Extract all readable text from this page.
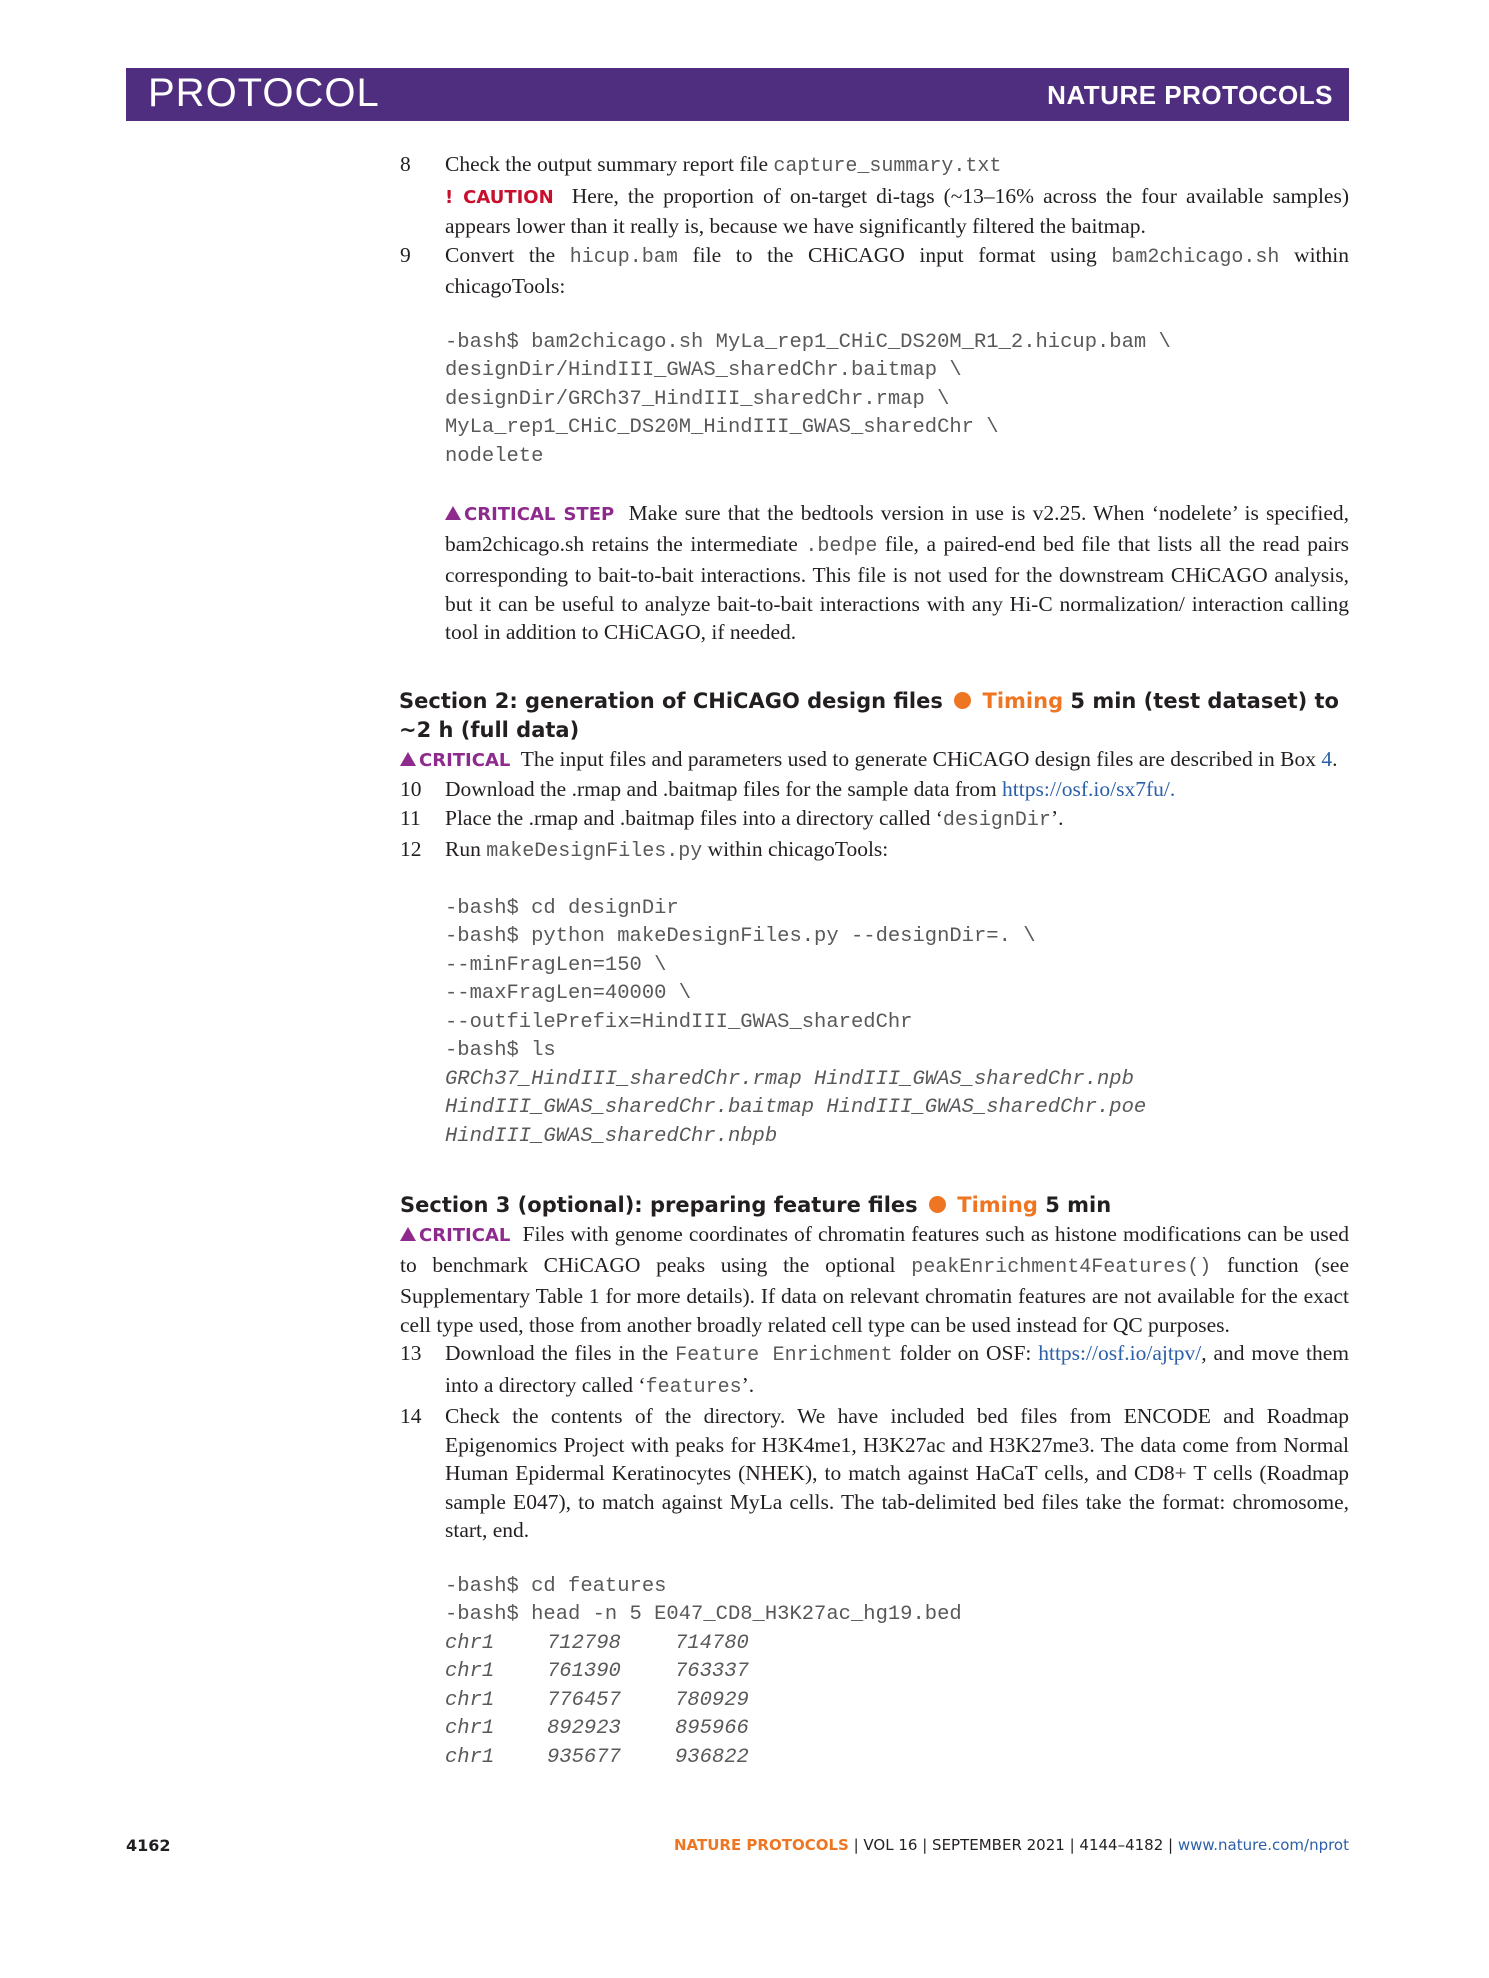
PROTOCOL	NATURE PROTOCOLS
8 Check the output summary report file capture_summary.txt
! CAUTION Here, the proportion of on-target di-tags (~13–16% across the four available samples) appears lower than it really is, because we have significantly filtered the baitmap.
9 Convert the hicup.bam file to the CHiCAGO input format using bam2chicago.sh within chicagoTools:
-bash$ bam2chicago.sh MyLa_rep1_CHiC_DS20M_R1_2.hicup.bam \
designDir/HindIII_GWAS_sharedChr.baitmap \
designDir/GRCh37_HindIII_sharedChr.rmap \
MyLa_rep1_CHiC_DS20M_HindIII_GWAS_sharedChr \
nodelete
CRITICAL STEP Make sure that the bedtools version in use is v2.25. When ‘nodelete’ is specified, bam2chicago.sh retains the intermediate .bedpe file, a paired-end bed file that lists all the read pairs corresponding to bait-to-bait interactions. This file is not used for the downstream CHiCAGO analysis, but it can be useful to analyze bait-to-bait interactions with any Hi-C normalization/ interaction calling tool in addition to CHiCAGO, if needed.
Section 2: generation of CHiCAGO design files Timing 5 min (test dataset) to ~2 h (full data)
CRITICAL The input files and parameters used to generate CHiCAGO design files are described in Box 4.
10 Download the .rmap and .baitmap files for the sample data from https://osf.io/sx7fu/.
11 Place the .rmap and .baitmap files into a directory called ‘designDir’.
12 Run makeDesignFiles.py within chicagoTools:
-bash$ cd designDir
-bash$ python makeDesignFiles.py --designDir=. \
--minFragLen=150 \
--maxFragLen=40000 \
--outfilePrefix=HindIII_GWAS_sharedChr
-bash$ ls
GRCh37_HindIII_sharedChr.rmap HindIII_GWAS_sharedChr.npb
HindIII_GWAS_sharedChr.baitmap HindIII_GWAS_sharedChr.poe
HindIII_GWAS_sharedChr.nbpb
Section 3 (optional): preparing feature files Timing 5 min
CRITICAL Files with genome coordinates of chromatin features such as histone modifications can be used to benchmark CHiCAGO peaks using the optional peakEnrichment4Features() function (see Supplementary Table 1 for more details). If data on relevant chromatin features are not available for the exact cell type used, those from another broadly related cell type can be used instead for QC purposes.
13 Download the files in the Feature Enrichment folder on OSF: https://osf.io/ajtpv/, and move them into a directory called ‘features’.
14 Check the contents of the directory. We have included bed files from ENCODE and Roadmap Epigenomics Project with peaks for H3K4me1, H3K27ac and H3K27me3. The data come from Normal Human Epidermal Keratinocytes (NHEK), to match against HaCaT cells, and CD8+ T cells (Roadmap sample E047), to match against MyLa cells. The tab-delimited bed files take the format: chromosome, start, end.
-bash$ cd features
-bash$ head -n 5 E047_CD8_H3K27ac_hg19.bed
chr1	712798	714780
chr1	761390	763337
chr1	776457	780929
chr1	892923	895966
chr1	935677	936822
4162	NATURE PROTOCOLS | VOL 16 | SEPTEMBER 2021 | 4144–4182 | www.nature.com/nprot
